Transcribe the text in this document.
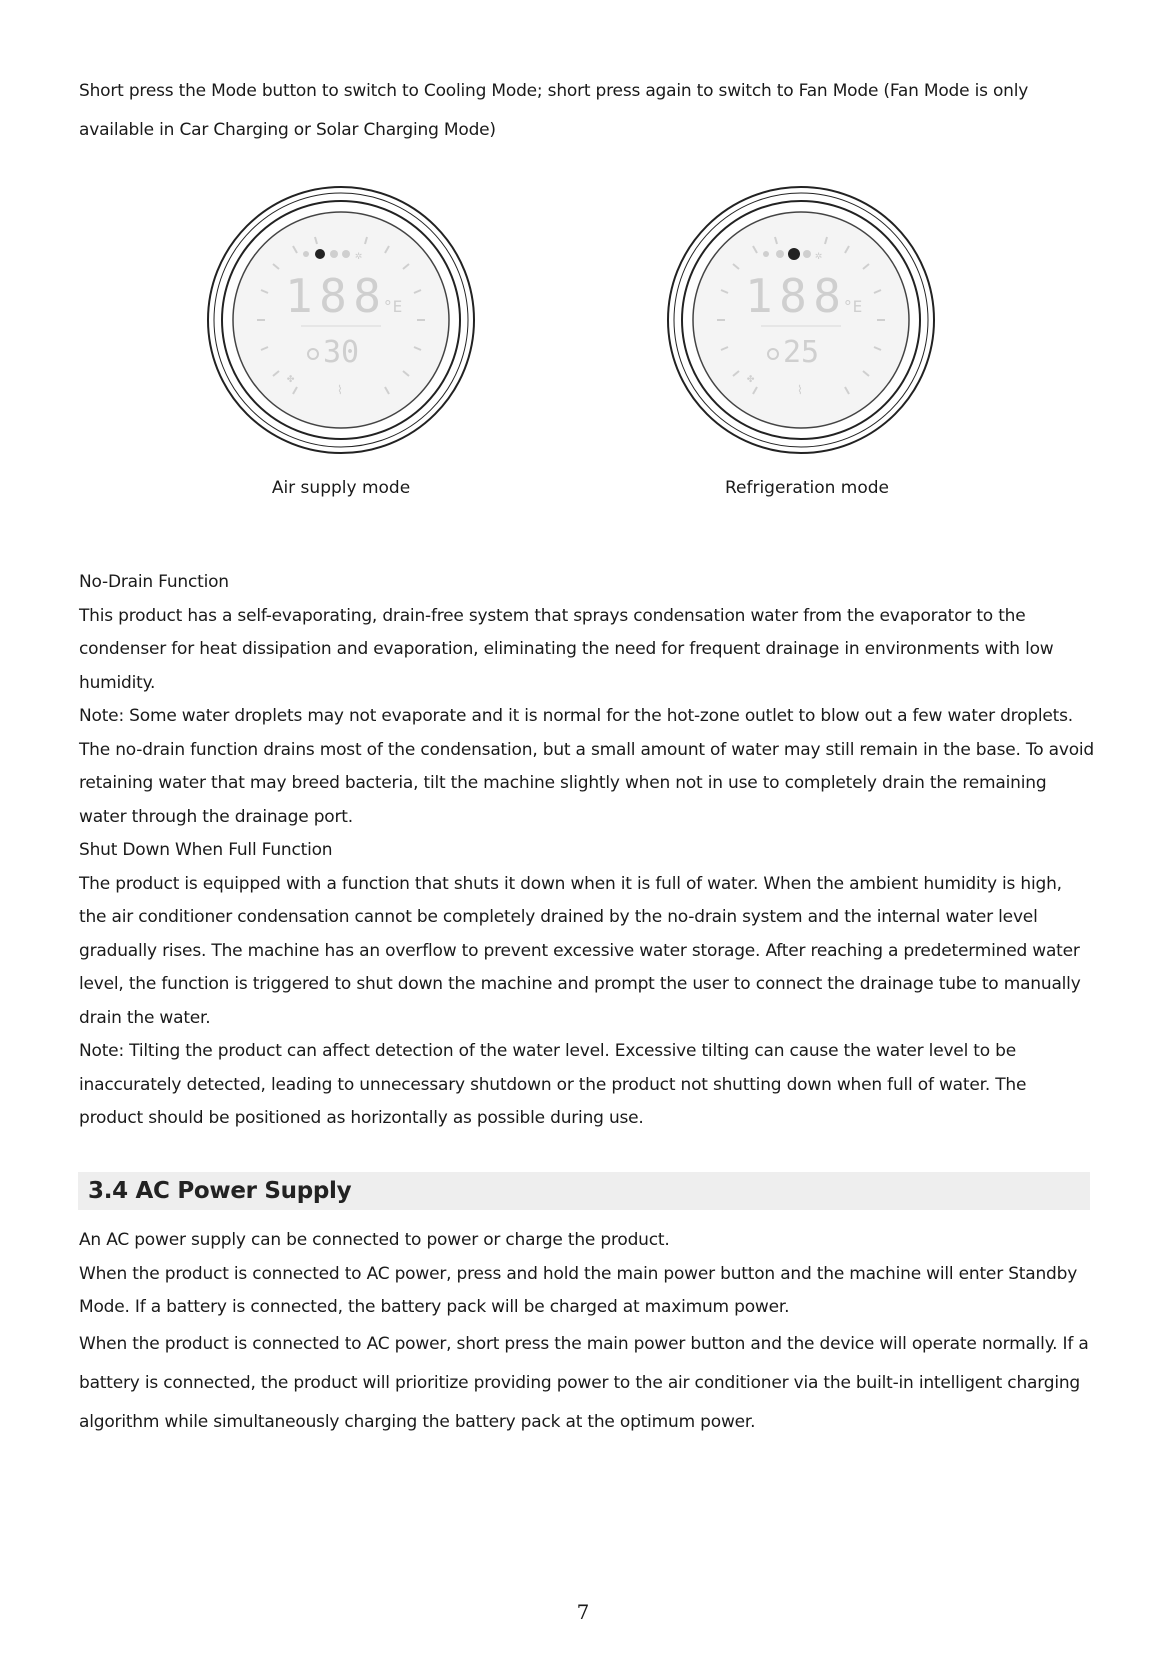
Short press the Mode button to switch to Cooling Mode; short press again to switch to Fan Mode (Fan Mode is only available in Car Charging or Solar Charging Mode)
✲
188 °E
30
✤
⌇
✲
188 °E
25
✤
⌇
Air supply mode	Refrigeration mode

No-Drain Function

This product has a self-evaporating, drain-free system that sprays condensation water from the evaporator to the condenser for heat dissipation and evaporation, eliminating the need for frequent drainage in environments with low humidity.

Note: Some water droplets may not evaporate and it is normal for the hot-zone outlet to blow out a few water droplets. The no-drain function drains most of the condensation, but a small amount of water may still remain in the base. To avoid retaining water that may breed bacteria, tilt the machine slightly when not in use to completely drain the remaining water through the drainage port.

Shut Down When Full Function

The product is equipped with a function that shuts it down when it is full of water. When the ambient humidity is high, the air conditioner condensation cannot be completely drained by the no-drain system and the internal water level gradually rises. The machine has an overflow to prevent excessive water storage. After reaching a predetermined water level, the function is triggered to shut down the machine and prompt the user to connect the drainage tube to manually drain the water.

Note: Tilting the product can affect detection of the water level. Excessive tilting can cause the water level to be inaccurately detected, leading to unnecessary shutdown or the product not shutting down when full of water. The product should be positioned as horizontally as possible during use.

3.4 AC Power Supply

An AC power supply can be connected to power or charge the product.

When the product is connected to AC power, press and hold the main power button and the machine will enter Standby Mode. If a battery is connected, the battery pack will be charged at maximum power.

When the product is connected to AC power, short press the main power button and the device will operate normally. If a battery is connected, the product will prioritize providing power to the air conditioner via the built-in intelligent charging algorithm while simultaneously charging the battery pack at the optimum power.

7
